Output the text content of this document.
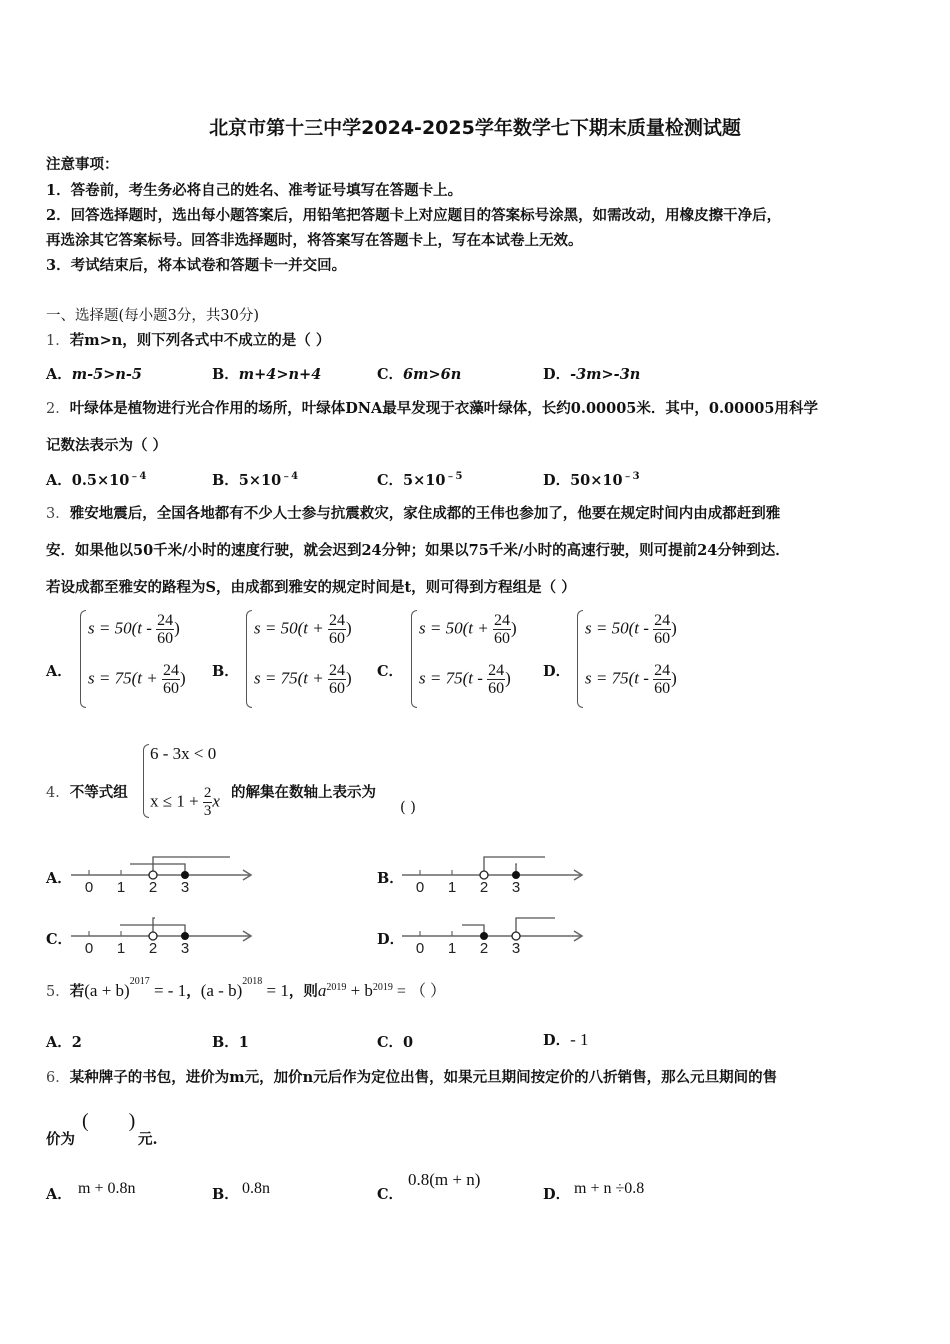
北京市第十三中学2024-2025学年数学七下期末质量检测试题
注意事项：
1．答卷前，考生务必将自己的姓名、准考证号填写在答题卡上。
2．回答选择题时，选出每小题答案后，用铅笔把答题卡上对应题目的答案标号涂黑，如需改动，用橡皮擦干净后，
再选涂其它答案标号。回答非选择题时，将答案写在答题卡上，写在本试卷上无效。
3．考试结束后，将本试卷和答题卡一并交回。
一、选择题(每小题3分，共30分)
1．若m>n，则下列各式中不成立的是（ ）
A．m-5>n-5	B．m+4>n+4	C．6m>6n	D．-3m>-3n
2．叶绿体是植物进行光合作用的场所，叶绿体DNA最早发现于衣藻叶绿体，长约0.00005米．其中，0.00005用科学
记数法表示为（ ）
A．$0.5\times 10^{﹣4}$	B．$5\times 10^{﹣4}$	C．$5\times 10^{﹣5}$	D．$50\times 10^{﹣3}$
3．雅安地震后，全国各地都有不少人士参与抗震救灾，家住成都的王伟也参加了，他要在规定时间内由成都赶到雅
安．如果他以50千米/小时的速度行驶，就会迟到24分钟；如果以75千米/小时的高速行驶，则可提前24分钟到达．
若设成都至雅安的路程为S，由成都到雅安的规定时间是t，则可得到方程组是（ ）
A．
$s = 50(t - \frac{24}{60}$ )
$s = 75(t + \frac{24}{60}$ ) B．
$s = 50(t + \frac{24}{60}$ )
$s = 75(t + \frac{24}{60}$ ) C．
$s = 50(t + \frac{24}{60}$ )
$s = 75(t - \frac{24}{60}$ ) D．
$s = 50(t - \frac{24}{60}$ )
$s = 75(t - \frac{24}{60}$ )
4．不等式组
6 - 3x < 0
$x \le 1 + \frac{2}{3}$ x 的解集在数轴上表示为
( )
A．
0 1 2 3
B．
0 1 2 3
C．
0 1 2 3
D．
0 1 2 3
5．若$(a + b)^{2017}$ = - 1，(a - b)$^{2018}$ = 1，则$a^{2019} + b^{2019}$ = （ ）
A．2	B．1	C．0	D．- 1
6．某种牌子的书包，进价为m元，加价n元后作为定位出售，如果元旦期间按定价的八折销售，那么元旦期间的售
价为
(        )
元.
A． m + 0.8n	B． 0.8n	C．
0.8(m + n)
D． m + n ÷0.8
